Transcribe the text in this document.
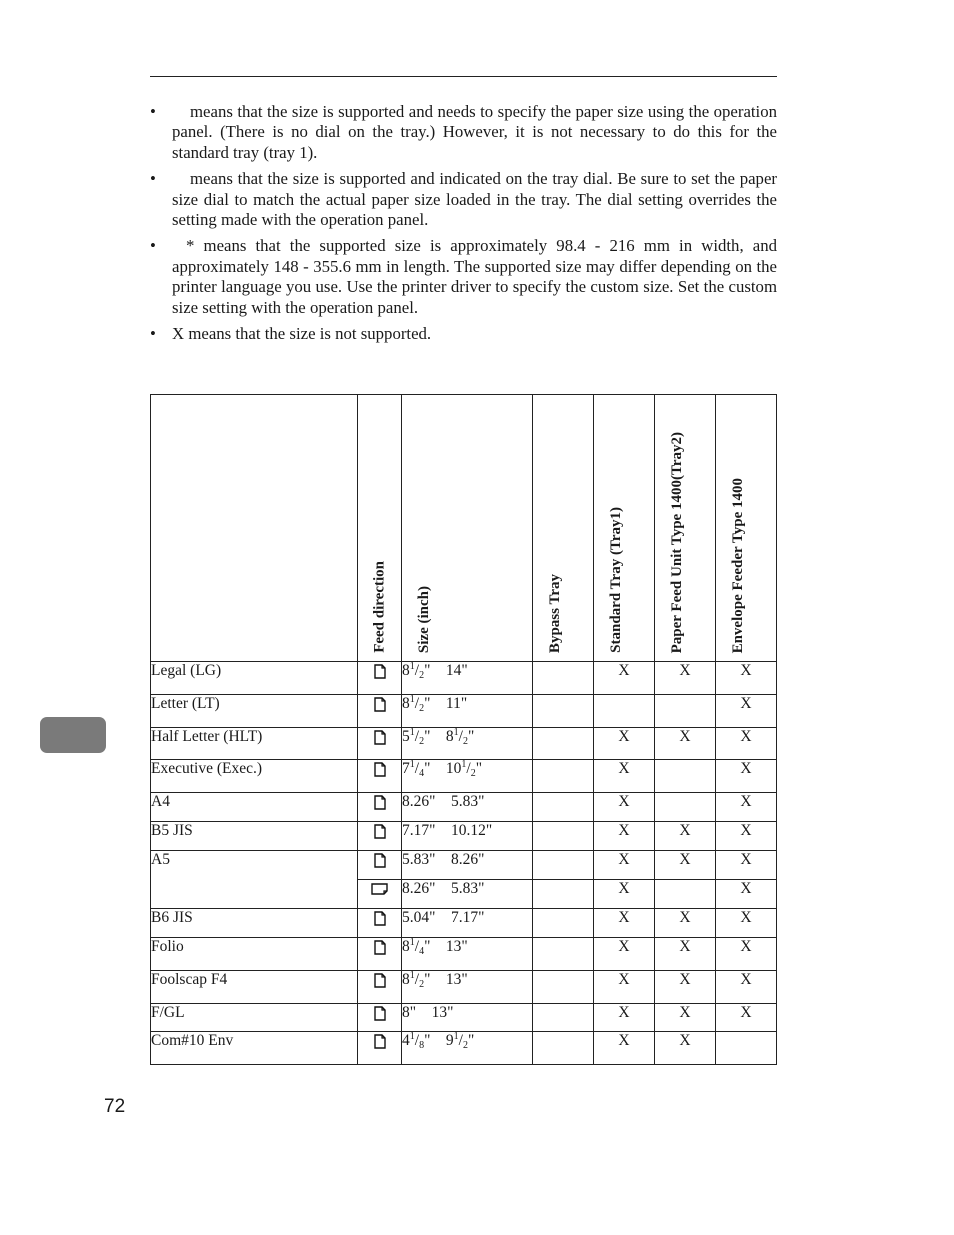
• means that the size is supported and needs to specify the paper size using the operation panel. (There is no dial on the tray.) However, it is not necessary to do this for the standard tray (tray 1).
• means that the size is supported and indicated on the tray dial. Be sure to set the paper size dial to match the actual paper size loaded in the tray. The dial setting overrides the setting made with the operation panel.
• * means that the supported size is approximately 98.4 - 216 mm in width, and approximately 148 - 355.6 mm in length. The supported size may differ depending on the printer language you use. Use the printer driver to specify the custom size. Set the custom size setting with the operation panel.
• X means that the size is not supported.

	Feed direction	Size (inch)	Bypass Tray	Standard Tray (Tray1)	Paper Feed Unit Type 1400(Tray2)	Envelope Feeder Type 1400

Legal (LG)		$8^1/_2$" 14"		X	X	X
Letter (LT)		$8^1/_2$" 11"				X
Half Letter (HLT)		$5^1/_2$" $8^1/_2$"		X	X	X
Executive (Exec.)		$7^1/_4$" $10^1/_2$"		X		X
A4		8.26" 5.83"		X		X
B5 JIS		7.17" 10.12"		X	X	X
A5		5.83" 8.26"		X	X	X
	8.26" 5.83"		X		X
B6 JIS		5.04" 7.17"		X	X	X
Folio		$8^1/_4$" 13"		X	X	X
Foolscap F4		$8^1/_2$" 13"		X	X	X
F/GL		8" 13"		X	X	X
Com#10 Env		$4^1/_8$" $9^1/_2$"		X	X	
72
